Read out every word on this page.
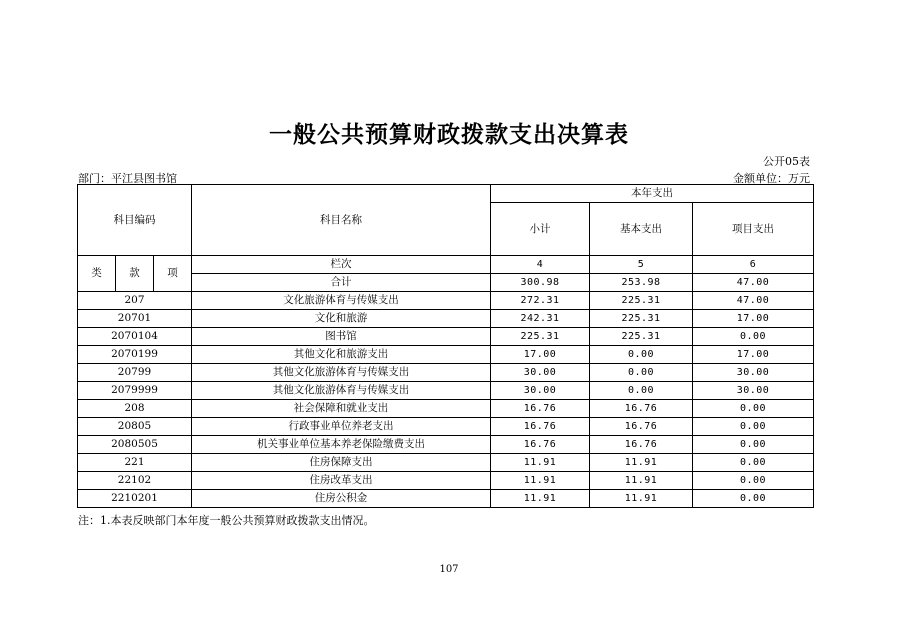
一般公共预算财政拨款支出决算表
公开05表
部门：平江县图书馆	金额单位：万元
科目编码			科目名称	本年支出		
				小计	基本支出	项目支出
类	款	项	栏次	4	5	6
			合计	300.98	253.98	47.00
207			文化旅游体育与传媒支出	272.31	225.31	47.00
20701			文化和旅游	242.31	225.31	17.00
2070104			图书馆	225.31	225.31	0.00
2070199			其他文化和旅游支出	17.00	0.00	17.00
20799			其他文化旅游体育与传媒支出	30.00	0.00	30.00
2079999			其他文化旅游体育与传媒支出	30.00	0.00	30.00
208			社会保障和就业支出	16.76	16.76	0.00
20805			行政事业单位养老支出	16.76	16.76	0.00
2080505			机关事业单位基本养老保险缴费支出	16.76	16.76	0.00
221			住房保障支出	11.91	11.91	0.00
22102			住房改革支出	11.91	11.91	0.00
2210201			住房公积金	11.91	11.91	0.00
注：1.本表反映部门本年度一般公共预算财政拨款支出情况。
107
